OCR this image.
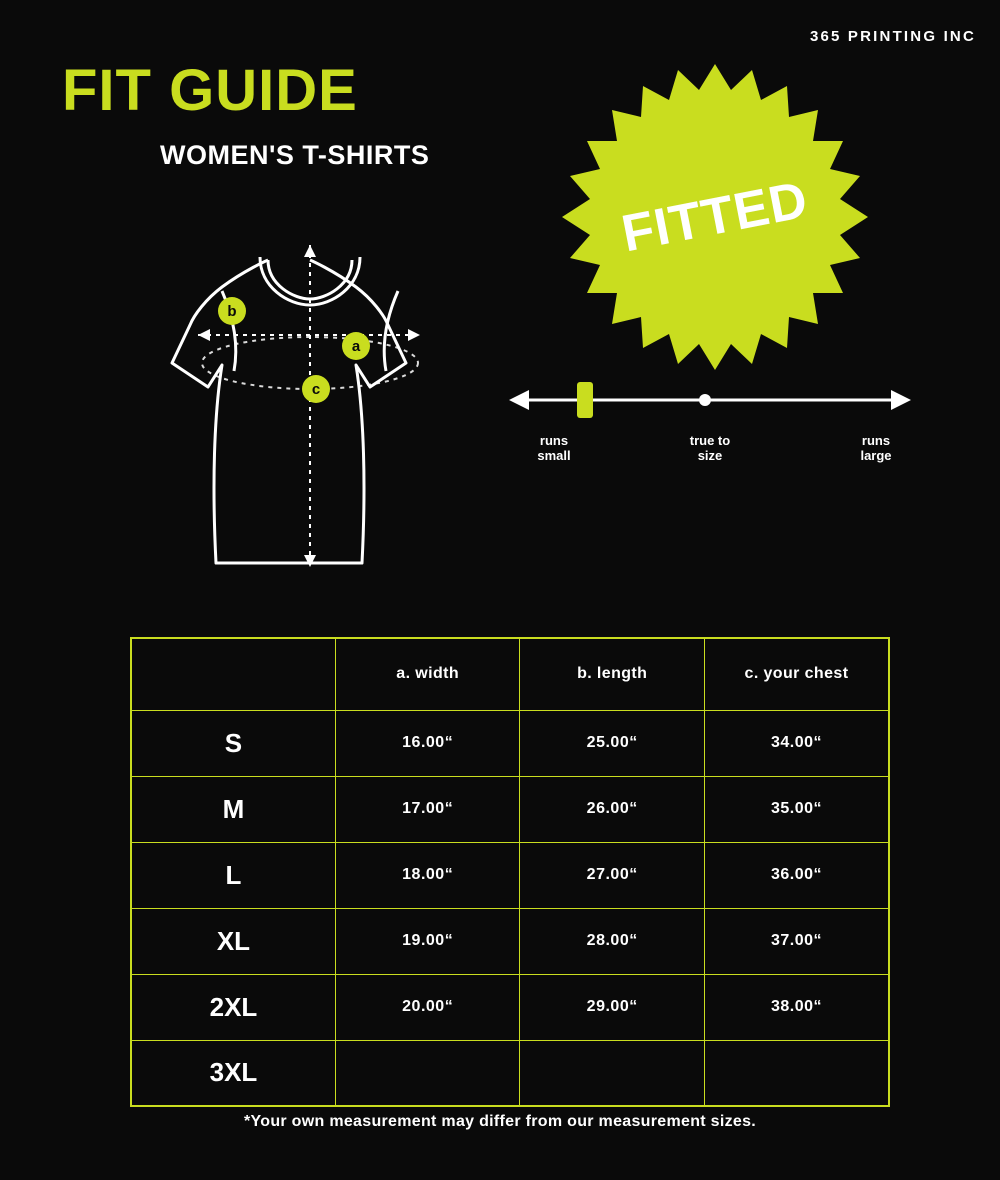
365 PRINTING INC
FIT GUIDE
WOMEN'S T-SHIRTS
b
a
c
FITTED
runs
small
true to
size
runs
large
	a. width	b. length	c. your chest
S	16.00“	25.00“	34.00“
M	17.00“	26.00“	35.00“
L	18.00“	27.00“	36.00“
XL	19.00“	28.00“	37.00“
2XL	20.00“	29.00“	38.00“
3XL			
*Your own measurement may differ from our measurement sizes.
